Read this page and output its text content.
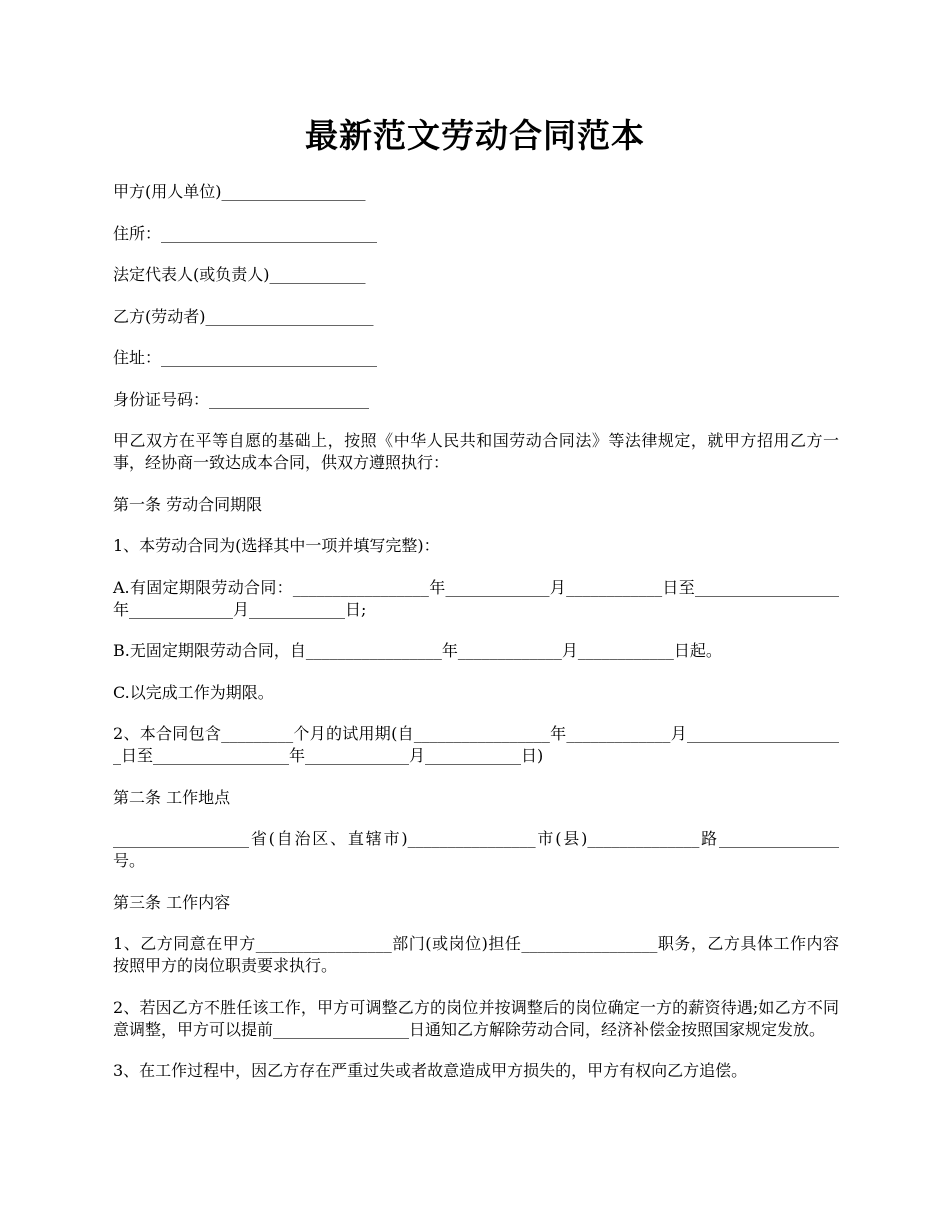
最新范文劳动合同范本

甲方(用人单位)__________________

住所：___________________________

法定代表人(或负责人)____________

乙方(劳动者)_____________________

住址：___________________________

身份证号码：____________________

甲乙双方在平等自愿的基础上，按照《中华人民共和国劳动合同法》等法律规定，就甲方招用乙方一事，经协商一致达成本合同，供双方遵照执行：

第一条 劳动合同期限

1、本劳动合同为(选择其中一项并填写完整)：

A.有固定期限劳动合同：_________________年_____________月____________日至__________________年_____________月____________日;

B.无固定期限劳动合同，自_________________年_____________月____________日起。

C.以完成工作为期限。

2、本合同包含_________个月的试用期(自_________________年_____________月____________________日至_________________年_____________月____________日)

第二条 工作地点

_________________省(自治区、直辖市)________________市(县)______________路_______________号。

第三条 工作内容

1、乙方同意在甲方_________________部门(或岗位)担任_________________职务，乙方具体工作内容按照甲方的岗位职责要求执行。

2、若因乙方不胜任该工作，甲方可调整乙方的岗位并按调整后的岗位确定一方的薪资待遇;如乙方不同意调整，甲方可以提前_________________日通知乙方解除劳动合同，经济补偿金按照国家规定发放。

3、在工作过程中，因乙方存在严重过失或者故意造成甲方损失的，甲方有权向乙方追偿。
